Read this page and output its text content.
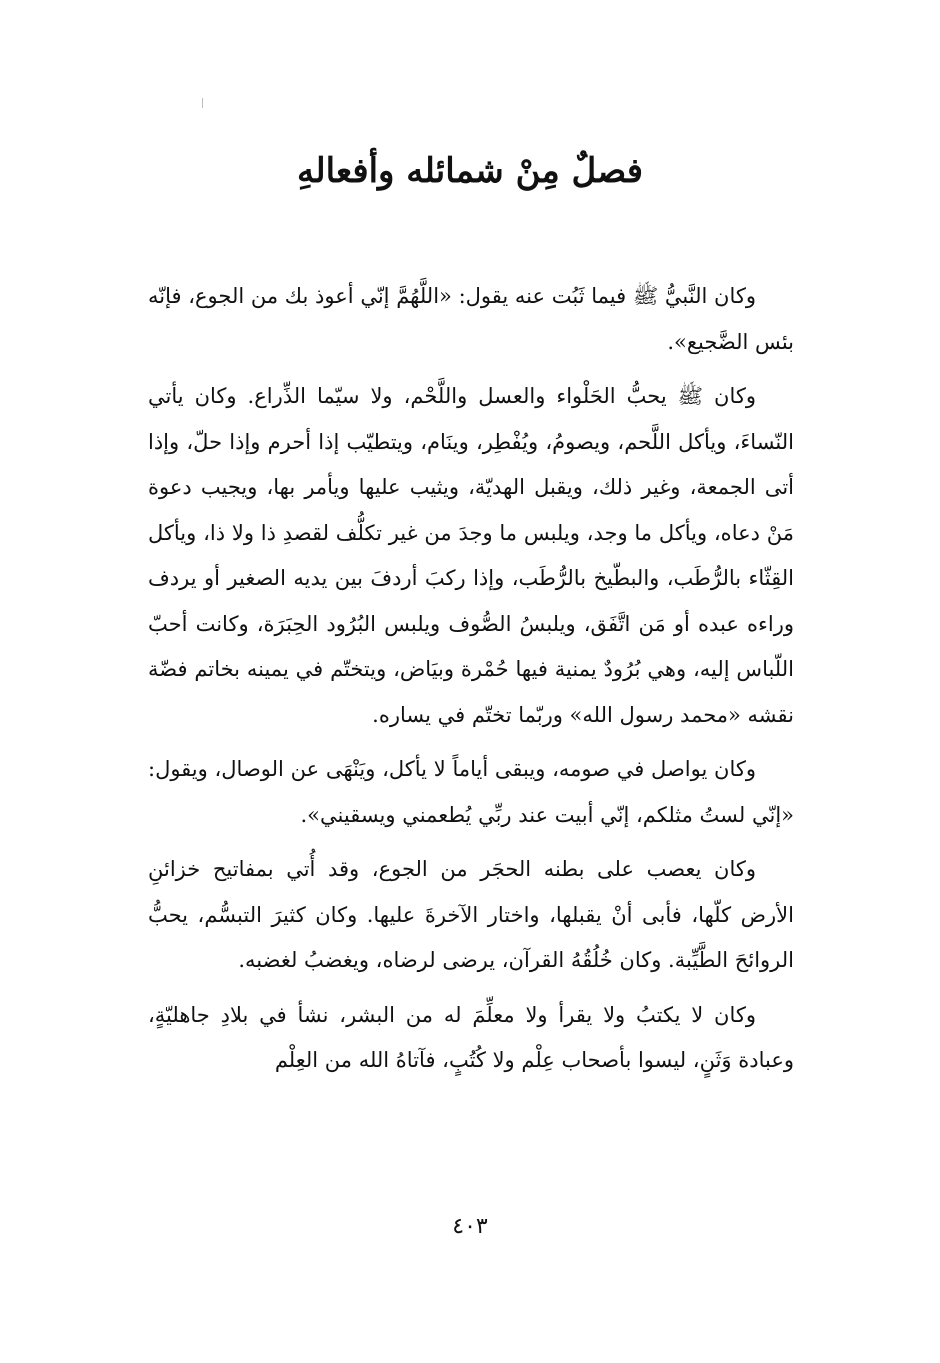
فصلٌ مِنْ شمائله وأفعالهِ

وكان النَّبيُّ ﷺ فيما ثَبُت عنه يقول: «اللَّهُمَّ إنّي أعوذ بك من الجوع، فإنّه بئس الضَّجيع».

وكان ﷺ يحبُّ الحَلْواء والعسل واللَّحْم، ولا سيّما الذِّراع. وكان يأتي النّساءَ، ويأكل اللَّحم، ويصومُ، ويُفْطِر، وينَام، ويتطيّب إذا أحرم وإذا حلّ، وإذا أتى الجمعة، وغير ذلك، ويقبل الهديّة، ويثيب عليها ويأمر بها، ويجيب دعوة مَنْ دعاه، ويأكل ما وجد، ويلبس ما وجدَ من غير تكلُّف لقصدِ ذا ولا ذا، ويأكل القِثّاء بالرُّطَب، والبطّيخ بالرُّطَب، وإذا ركبَ أردفَ بين يديه الصغير أو يردف وراءه عبده أو مَن اتَّفَق، ويلبسُ الصُّوف ويلبس البُرُود الحِبَرَة، وكانت أحبّ اللّباس إليه، وهي بُرُودٌ يمنية فيها حُمْرة وبيَاض، ويتختّم في يمينه بخاتم فضّة نقشه «محمد رسول الله» وربّما تختّم في يساره.

وكان يواصل في صومه، ويبقى أياماً لا يأكل، ويَنْهَى عن الوصال، ويقول: «إنّي لستُ مثلكم، إنّي أبيت عند ربِّي يُطعمني ويسقيني».

وكان يعصب على بطنه الحجَر من الجوع، وقد أُتي بمفاتيح خزائنِ الأرض كلّها، فأبى أنْ يقبلها، واختار الآخرةَ عليها. وكان كثيرَ التبسُّم، يحبُّ الروائحَ الطَّيِّبة. وكان خُلُقُهُ القرآن، يرضى لرضاه، ويغضبُ لغضبه.

وكان لا يكتبُ ولا يقرأ ولا معلِّمَ له من البشر، نشأ في بلادِ جاهليّةٍ، وعبادة وَثَنٍ، ليسوا بأصحاب عِلْم ولا كُتُبٍ، فآتاهُ الله من العِلْم

٤٠٣
